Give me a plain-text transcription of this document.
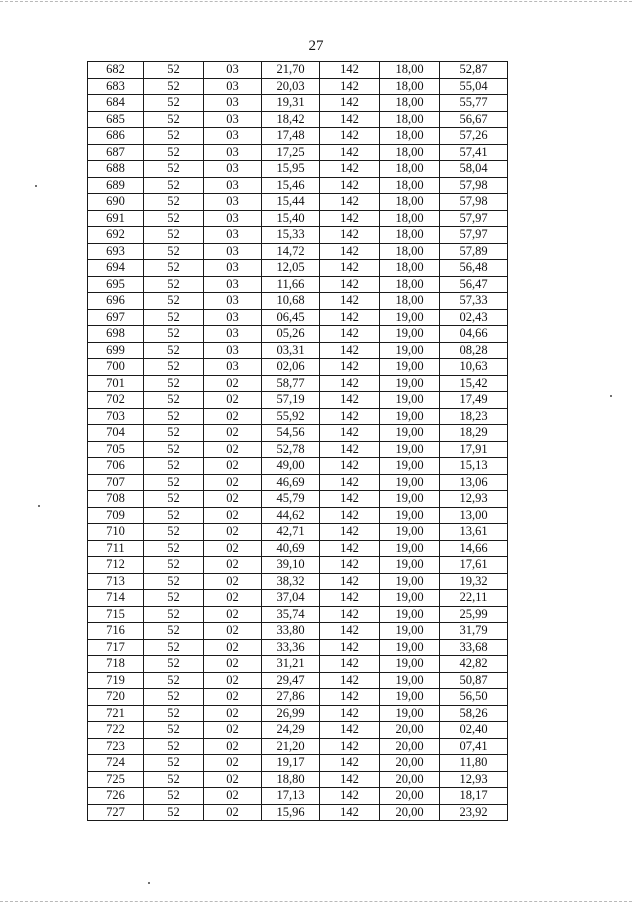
27
682	52	03	21,70	142	18,00	52,87
683	52	03	20,03	142	18,00	55,04
684	52	03	19,31	142	18,00	55,77
685	52	03	18,42	142	18,00	56,67
686	52	03	17,48	142	18,00	57,26
687	52	03	17,25	142	18,00	57,41
688	52	03	15,95	142	18,00	58,04
689	52	03	15,46	142	18,00	57,98
690	52	03	15,44	142	18,00	57,98
691	52	03	15,40	142	18,00	57,97
692	52	03	15,33	142	18,00	57,97
693	52	03	14,72	142	18,00	57,89
694	52	03	12,05	142	18,00	56,48
695	52	03	11,66	142	18,00	56,47
696	52	03	10,68	142	18,00	57,33
697	52	03	06,45	142	19,00	02,43
698	52	03	05,26	142	19,00	04,66
699	52	03	03,31	142	19,00	08,28
700	52	03	02,06	142	19,00	10,63
701	52	02	58,77	142	19,00	15,42
702	52	02	57,19	142	19,00	17,49
703	52	02	55,92	142	19,00	18,23
704	52	02	54,56	142	19,00	18,29
705	52	02	52,78	142	19,00	17,91
706	52	02	49,00	142	19,00	15,13
707	52	02	46,69	142	19,00	13,06
708	52	02	45,79	142	19,00	12,93
709	52	02	44,62	142	19,00	13,00
710	52	02	42,71	142	19,00	13,61
711	52	02	40,69	142	19,00	14,66
712	52	02	39,10	142	19,00	17,61
713	52	02	38,32	142	19,00	19,32
714	52	02	37,04	142	19,00	22,11
715	52	02	35,74	142	19,00	25,99
716	52	02	33,80	142	19,00	31,79
717	52	02	33,36	142	19,00	33,68
718	52	02	31,21	142	19,00	42,82
719	52	02	29,47	142	19,00	50,87
720	52	02	27,86	142	19,00	56,50
721	52	02	26,99	142	19,00	58,26
722	52	02	24,29	142	20,00	02,40
723	52	02	21,20	142	20,00	07,41
724	52	02	19,17	142	20,00	11,80
725	52	02	18,80	142	20,00	12,93
726	52	02	17,13	142	20,00	18,17
727	52	02	15,96	142	20,00	23,92
